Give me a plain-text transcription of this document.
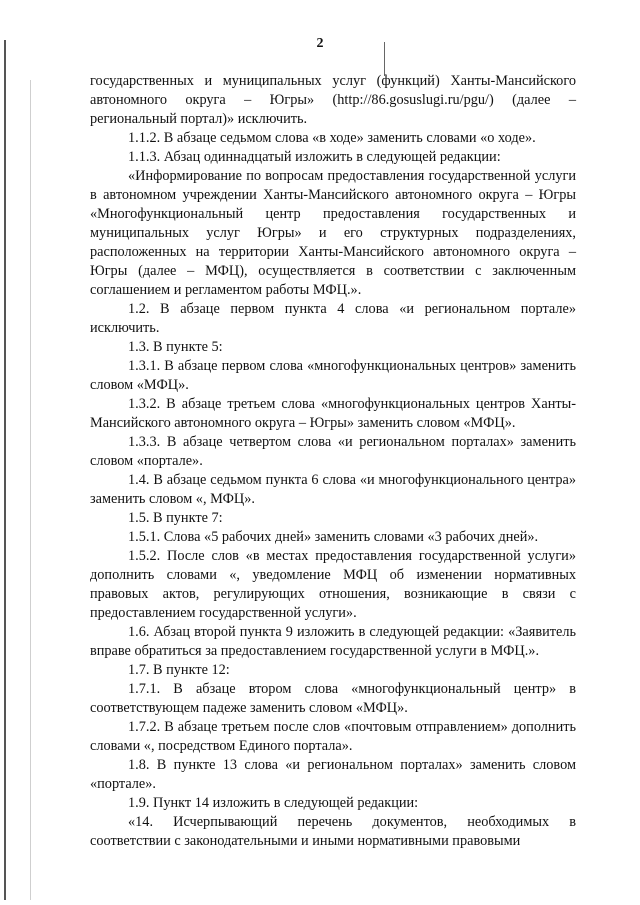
2

государственных и муниципальных услуг (функций) Ханты-Мансийского автономного округа – Югры» (http://86.gosuslugi.ru/pgu/) (далее – региональный портал)» исключить.

1.1.2. В абзаце седьмом слова «в ходе» заменить словами «о ходе».

1.1.3. Абзац одиннадцатый изложить в следующей редакции:

«Информирование по вопросам предоставления государственной услуги в автономном учреждении Ханты-Мансийского автономного округа – Югры «Многофункциональный центр предоставления государственных и муниципальных услуг Югры» и его структурных подразделениях, расположенных на территории Ханты-Мансийского автономного округа – Югры (далее – МФЦ), осуществляется в соответствии с заключенным соглашением и регламентом работы МФЦ.».

1.2. В абзаце первом пункта 4 слова «и региональном портале» исключить.

1.3. В пункте 5:

1.3.1. В абзаце первом слова «многофункциональных центров» заменить словом «МФЦ».

1.3.2. В абзаце третьем слова «многофункциональных центров Ханты-Мансийского автономного округа – Югры» заменить словом «МФЦ».

1.3.3. В абзаце четвертом слова «и региональном порталах» заменить словом «портале».

1.4. В абзаце седьмом пункта 6 слова «и многофункционального центра» заменить словом «, МФЦ».

1.5. В пункте 7:

1.5.1. Слова «5 рабочих дней» заменить словами «3 рабочих дней».

1.5.2. После слов «в местах предоставления государственной услуги» дополнить словами «, уведомление МФЦ об изменении нормативных правовых актов, регулирующих отношения, возникающие в связи с предоставлением государственной услуги».

1.6. Абзац второй пункта 9 изложить в следующей редакции: «Заявитель вправе обратиться за предоставлением государственной услуги в МФЦ.».

1.7. В пункте 12:

1.7.1. В абзаце втором слова «многофункциональный центр» в соответствующем падеже заменить словом «МФЦ».

1.7.2. В абзаце третьем после слов «почтовым отправлением» дополнить словами «, посредством Единого портала».

1.8. В пункте 13 слова «и региональном порталах» заменить словом «портале».

1.9. Пункт 14 изложить в следующей редакции:

«14. Исчерпывающий перечень документов, необходимых в соответствии с законодательными и иными нормативными правовыми
